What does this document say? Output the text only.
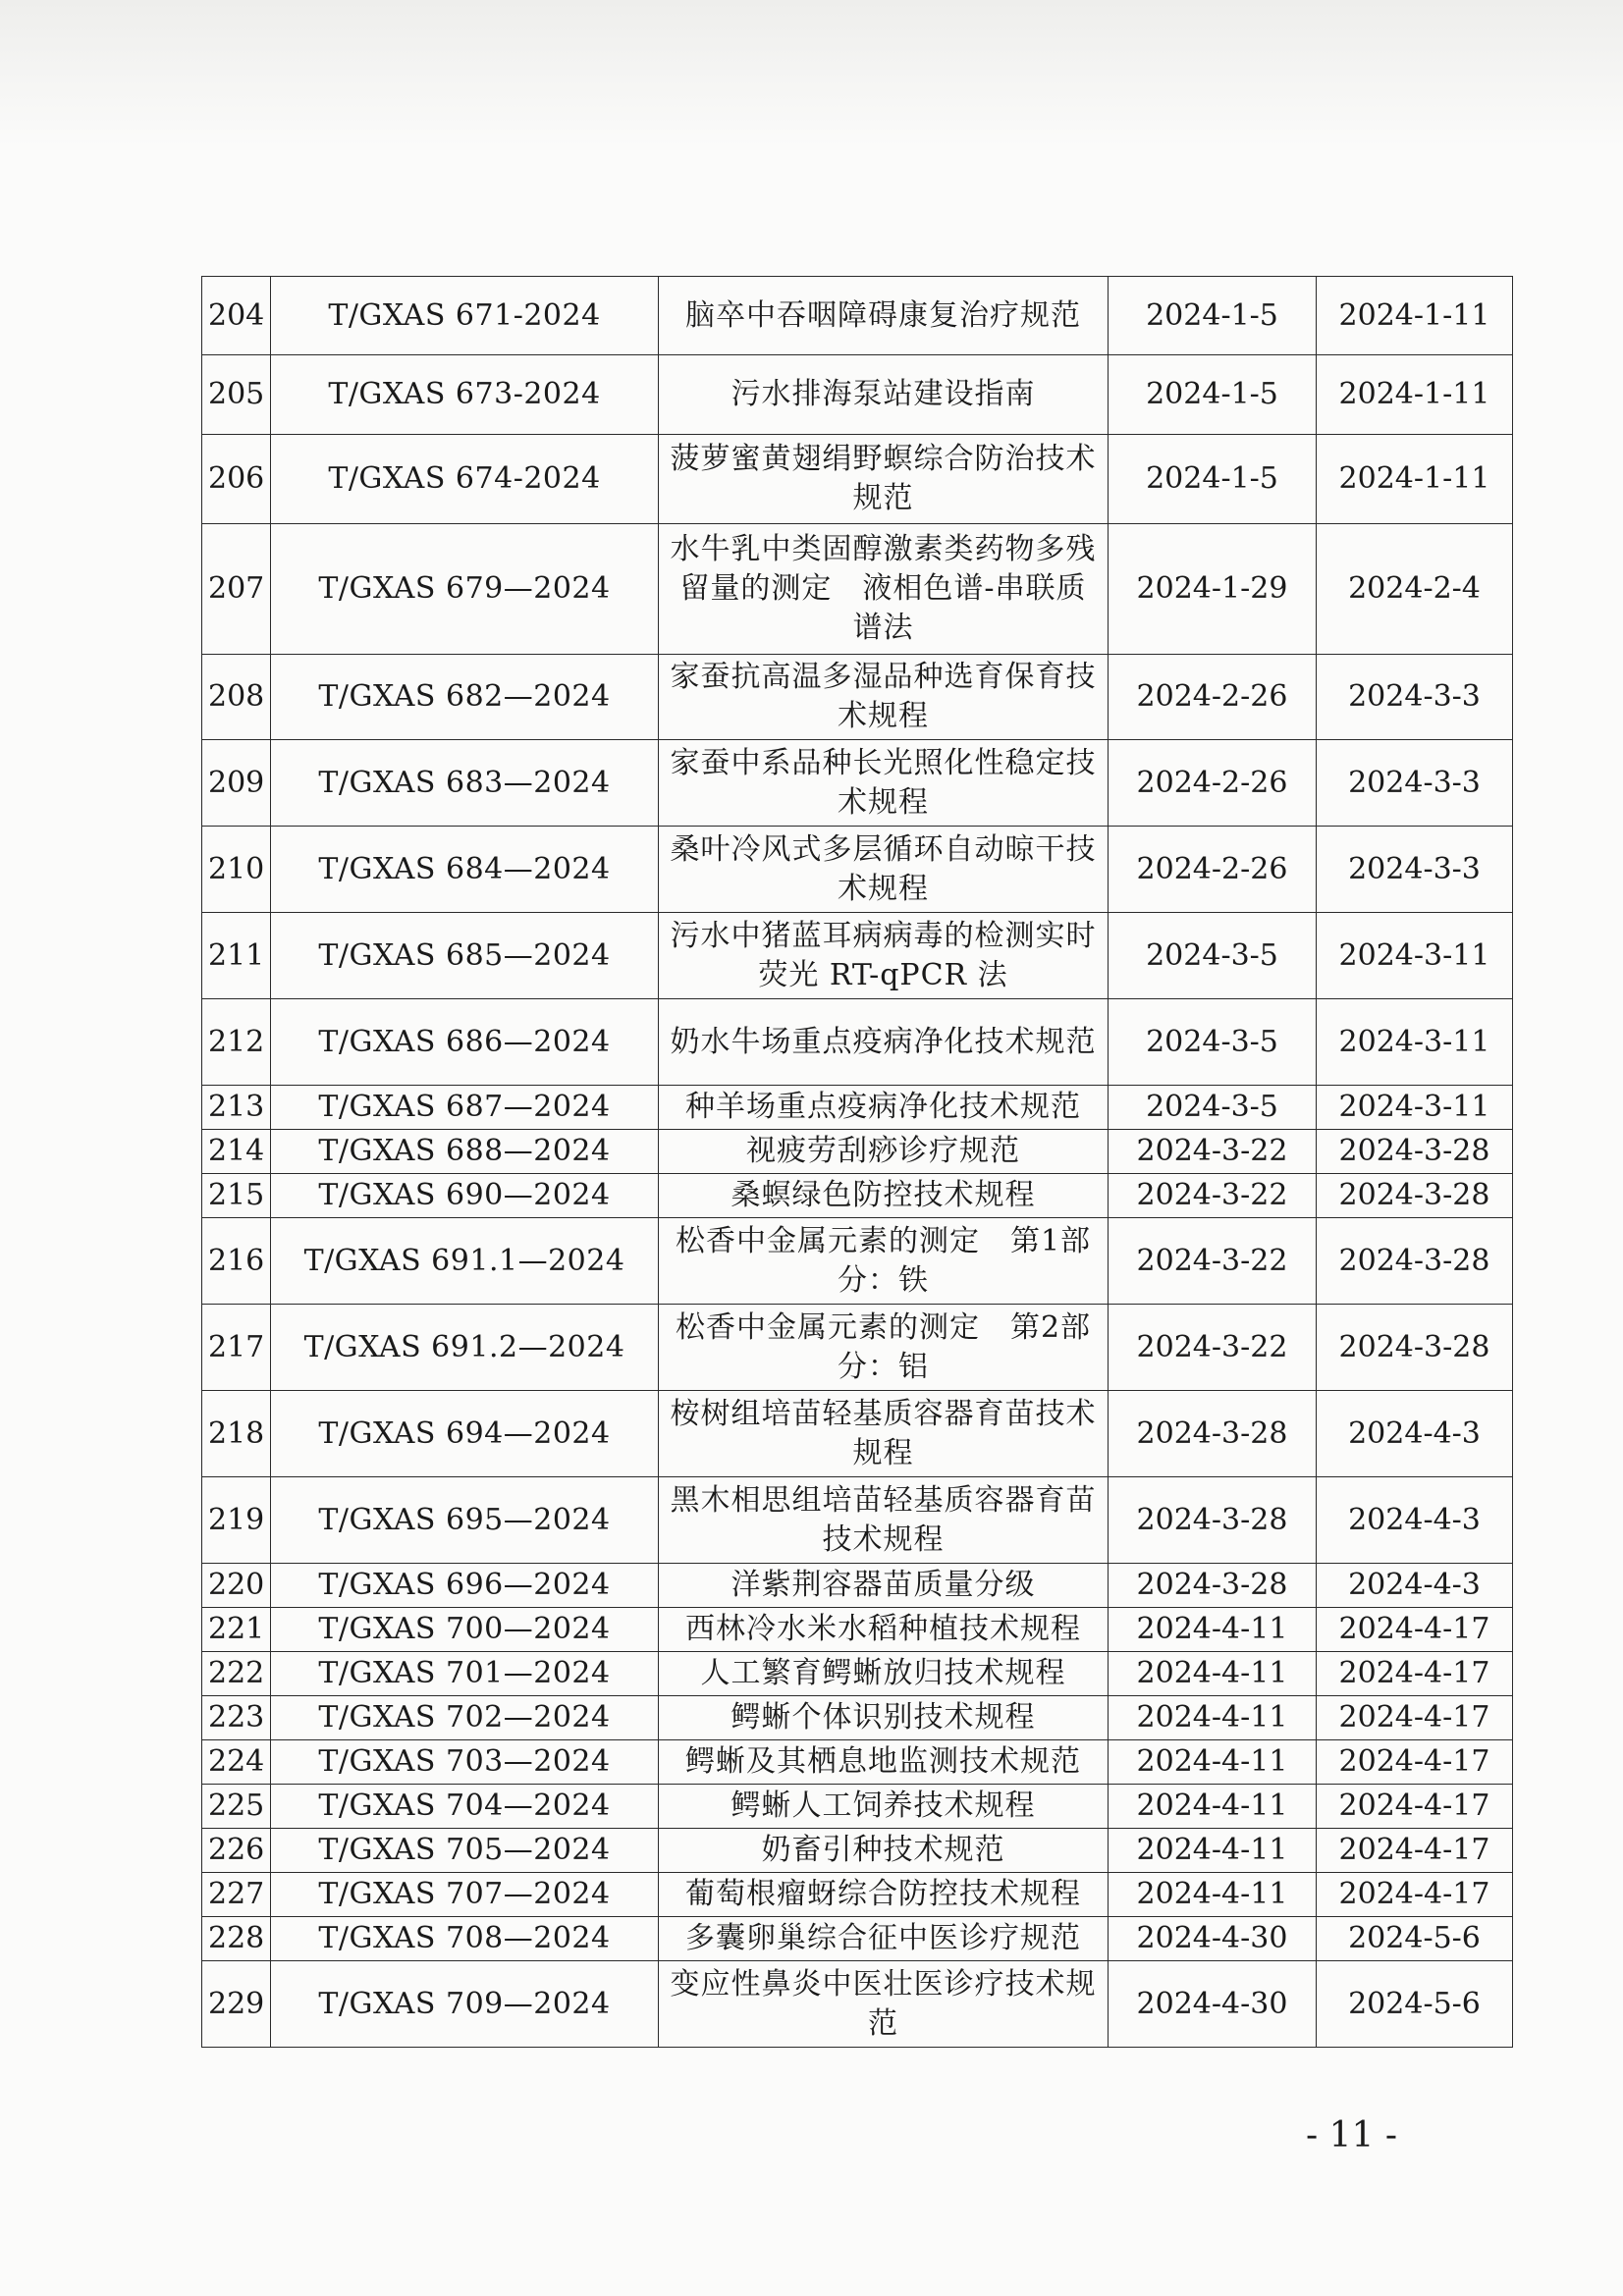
204	T/GXAS 671-2024	脑卒中吞咽障碍康复治疗规范	2024-1-5	2024-1-11
205	T/GXAS 673-2024	污水排海泵站建设指南	2024-1-5	2024-1-11
206	T/GXAS 674-2024	菠萝蜜黄翅绢野螟综合防治技术规范	2024-1-5	2024-1-11
207	T/GXAS 679—2024	水牛乳中类固醇激素类药物多残留量的测定　液相色谱-串联质谱法	2024-1-29	2024-2-4
208	T/GXAS 682—2024	家蚕抗高温多湿品种选育保育技术规程	2024-2-26	2024-3-3
209	T/GXAS 683—2024	家蚕中系品种长光照化性稳定技术规程	2024-2-26	2024-3-3
210	T/GXAS 684—2024	桑叶冷风式多层循环自动晾干技术规程	2024-2-26	2024-3-3
211	T/GXAS 685—2024	污水中猪蓝耳病病毒的检测实时荧光 RT-qPCR 法	2024-3-5	2024-3-11
212	T/GXAS 686—2024	奶水牛场重点疫病净化技术规范	2024-3-5	2024-3-11
213	T/GXAS 687—2024	种羊场重点疫病净化技术规范	2024-3-5	2024-3-11
214	T/GXAS 688—2024	视疲劳刮痧诊疗规范	2024-3-22	2024-3-28
215	T/GXAS 690—2024	桑螟绿色防控技术规程	2024-3-22	2024-3-28
216	T/GXAS 691.1—2024	松香中金属元素的测定　第1部分：铁	2024-3-22	2024-3-28
217	T/GXAS 691.2—2024	松香中金属元素的测定　第2部分：铝	2024-3-22	2024-3-28
218	T/GXAS 694—2024	桉树组培苗轻基质容器育苗技术规程	2024-3-28	2024-4-3
219	T/GXAS 695—2024	黑木相思组培苗轻基质容器育苗技术规程	2024-3-28	2024-4-3
220	T/GXAS 696—2024	洋紫荆容器苗质量分级	2024-3-28	2024-4-3
221	T/GXAS 700—2024	西林冷水米水稻种植技术规程	2024-4-11	2024-4-17
222	T/GXAS 701—2024	人工繁育鳄蜥放归技术规程	2024-4-11	2024-4-17
223	T/GXAS 702—2024	鳄蜥个体识别技术规程	2024-4-11	2024-4-17
224	T/GXAS 703—2024	鳄蜥及其栖息地监测技术规范	2024-4-11	2024-4-17
225	T/GXAS 704—2024	鳄蜥人工饲养技术规程	2024-4-11	2024-4-17
226	T/GXAS 705—2024	奶畜引种技术规范	2024-4-11	2024-4-17
227	T/GXAS 707—2024	葡萄根瘤蚜综合防控技术规程	2024-4-11	2024-4-17
228	T/GXAS 708—2024	多囊卵巢综合征中医诊疗规范	2024-4-30	2024-5-6
229	T/GXAS 709—2024	变应性鼻炎中医壮医诊疗技术规范	2024-4-30	2024-5-6
- 11 -
